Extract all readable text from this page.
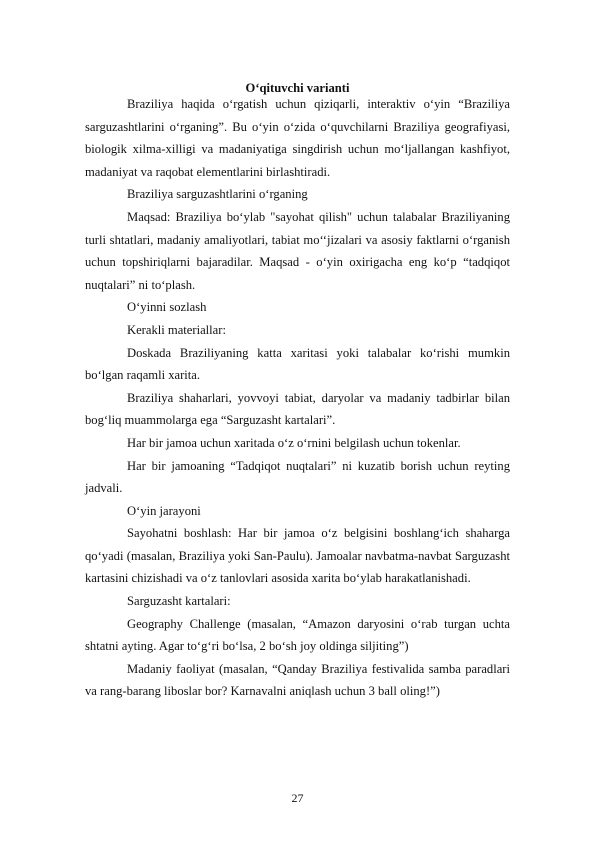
O‘qituvchi varianti

Braziliya haqida o‘rgatish uchun qiziqarli, interaktiv o‘yin “Braziliya sarguzashtlarini o‘rganing”. Bu o‘yin o‘zida o‘quvchilarni Braziliya geografiyasi, biologik xilma-xilligi va madaniyatiga singdirish uchun mo‘ljallangan kashfiyot, madaniyat va raqobat elementlarini birlashtiradi.

Braziliya sarguzashtlarini o‘rganing

Maqsad: Braziliya bo‘ylab "sayohat qilish" uchun talabalar Braziliyaning turli shtatlari, madaniy amaliyotlari, tabiat mo‘‘jizalari va asosiy faktlarni o‘rganish uchun topshiriqlarni bajaradilar. Maqsad - o‘yin oxirigacha eng ko‘p “tadqiqot nuqtalari” ni to‘plash.

O‘yinni sozlash

Kerakli materiallar:

Doskada Braziliyaning katta xaritasi yoki talabalar ko‘rishi mumkin bo‘lgan raqamli xarita.

Braziliya shaharlari, yovvoyi tabiat, daryolar va madaniy tadbirlar bilan bog‘liq muammolarga ega “Sarguzasht kartalari”.

Har bir jamoa uchun xaritada o‘z o‘rnini belgilash uchun tokenlar.

Har bir jamoaning “Tadqiqot nuqtalari” ni kuzatib borish uchun reyting jadvali.

O‘yin jarayoni

Sayohatni boshlash: Har bir jamoa o‘z belgisini boshlang‘ich shaharga qo‘yadi (masalan, Braziliya yoki San-Paulu). Jamoalar navbatma-navbat Sarguzasht kartasini chizishadi va o‘z tanlovlari asosida xarita bo‘ylab harakatlanishadi.

Sarguzasht kartalari:

Geography Challenge (masalan, “Amazon daryosini o‘rab turgan uchta shtatni ayting. Agar to‘g‘ri bo‘lsa, 2 bo‘sh joy oldinga siljiting”)

Madaniy faoliyat (masalan, “Qanday Braziliya festivalida samba paradlari va rang-barang liboslar bor? Karnavalni aniqlash uchun 3 ball oling!”)

27
